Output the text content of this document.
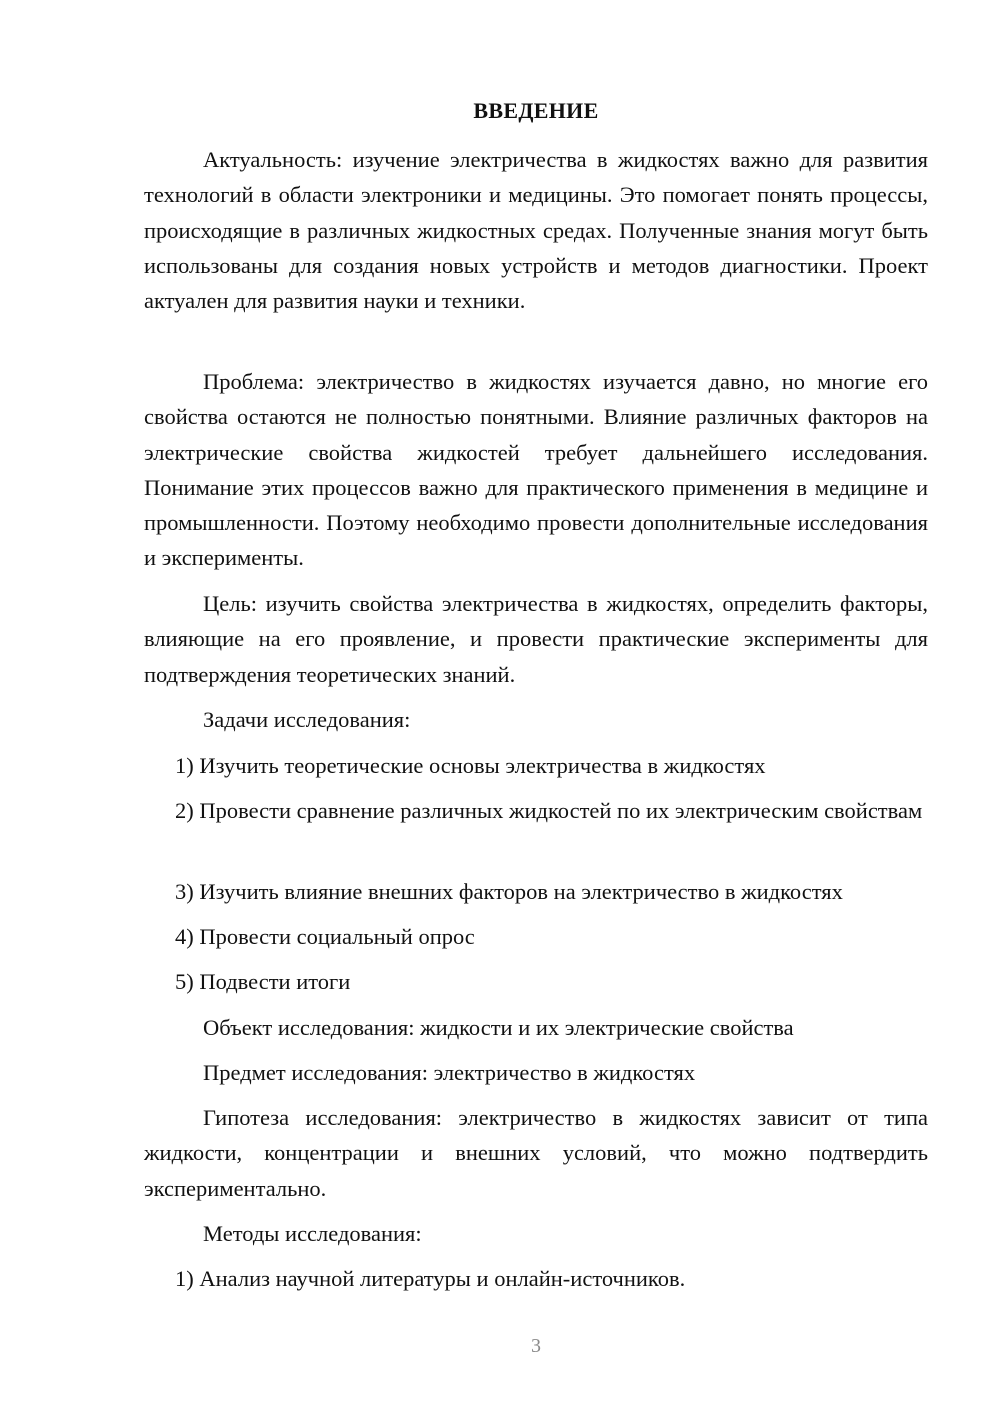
ВВЕДЕНИЕ

Актуальность: изучение электричества в жидкостях важно для развития технологий в области электроники и медицины. Это помогает понять процессы, происходящие в различных жидкостных средах. Полученные знания могут быть использованы для создания новых устройств и методов диагностики. Проект актуален для развития науки и техники.

Проблема: электричество в жидкостях изучается давно, но многие его свойства остаются не полностью понятными. Влияние различных факторов на электрические свойства жидкостей требует дальнейшего исследования. Понимание этих процессов важно для практического применения в медицине и промышленности. Поэтому необходимо провести дополнительные исследования и эксперименты.

Цель: изучить свойства электричества в жидкостях, определить факторы, влияющие на его проявление, и провести практические эксперименты для подтверждения теоретических знаний.

Задачи исследования:

1) Изучить теоретические основы электричества в жидкостях

2) Провести сравнение различных жидкостей по их электрическим свойствам

3) Изучить влияние внешних факторов на электричество в жидкостях

4) Провести социальный опрос

5) Подвести итоги

Объект исследования: жидкости и их электрические свойства

Предмет исследования: электричество в жидкостях

Гипотеза исследования: электричество в жидкостях зависит от типа жидкости, концентрации и внешних условий, что можно подтвердить экспериментально.

Методы исследования:

1) Анализ научной литературы и онлайн-источников.

3
